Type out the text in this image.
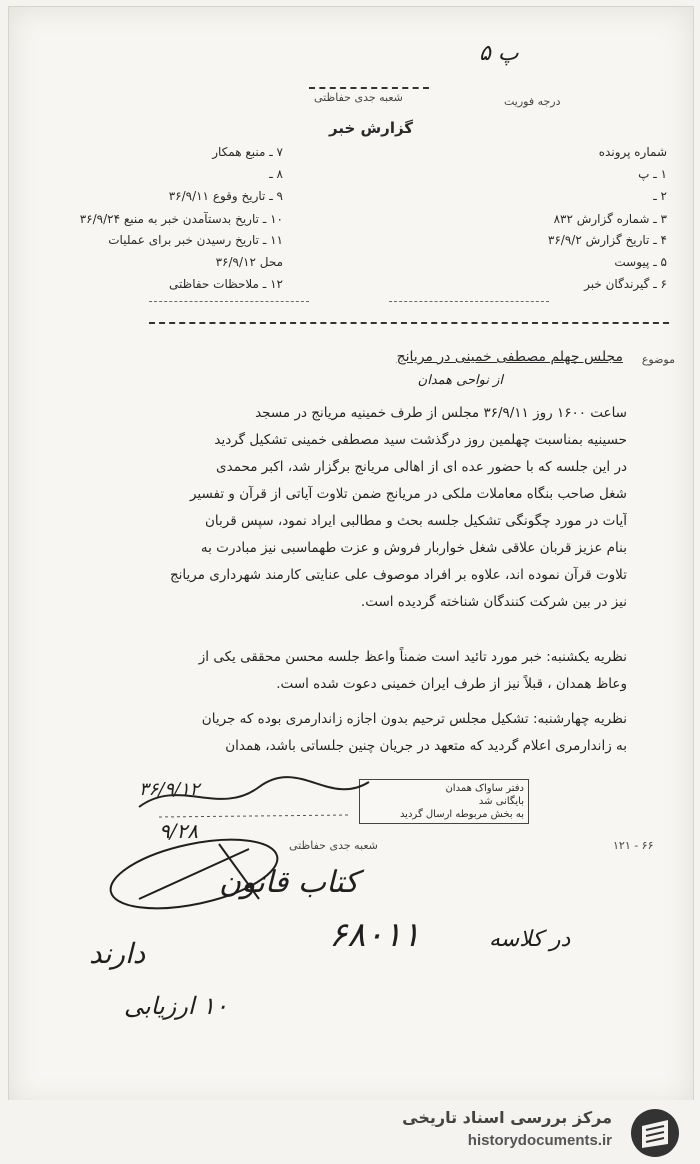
۵ پ
درجه فوریت
شعبه جدی حفاظتی
گزارش خبر
۷ ـ منبع همکار
۸ ـ
۹ ـ تاریخ وقوع ۳۶/۹/۱۱
۱۰ ـ تاریخ بدستآمدن خبر به منبع ۳۶/۹/۲۴
۱۱ ـ تاریخ رسیدن خبر برای عملیات
محل ۳۶/۹/۱۲
۱۲ ـ ملاحظات حفاظتی
شماره پرونده
۱ ـ پ
۲ ـ
۳ ـ شماره گزارش ۸۳۲
۴ ـ تاریخ گزارش ۳۶/۹/۲
۵ ـ پیوست
۶ ـ گیرندگان خبر
موضوع
مجلس چهلم مصطفی خمینی در مریانج
از نواحی همدان
ساعت ۱۶۰۰ روز ۳۶/۹/۱۱ مجلس از طرف خمینیه مریانج در مسجد
حسینیه بمناسبت چهلمین روز درگذشت سید مصطفی خمینی تشکیل گردید
در این جلسه که با حضور عده ای از اهالی مریانج برگزار شد، اکبر محمدی
شغل صاحب بنگاه معاملات ملکی در مریانج ضمن تلاوت آیاتی از قرآن و تفسیر
آیات در مورد چگونگی تشکیل جلسه بحث و مطالبی ایراد نمود، سپس قربان
بنام عزیز قربان علاقی شغل خواربار فروش و عزت طهماسبی نیز مبادرت به
تلاوت قرآن نموده اند، علاوه بر افراد موصوف علی عنایتی کارمند شهرداری مریانج
نیز در بین شرکت کنندگان شناخته گردیده است.
نظریه یکشنبه: خبر مورد تائید است ضمناً واعظ جلسه محسن محققی یکی از
وعاظ همدان ، قبلاً نیز از طرف ایران خمینی دعوت شده است.
نظریه چهارشنبه: تشکیل مجلس ترحیم بدون اجازه زاندارمری بوده که جریان
به زاندارمری اعلام گردید که متعهد در جریان چنین جلساتی باشد، همدان
دفتر ساواک همدان
بایگانی شد
به بخش مربوطه ارسال گردید
۳۶/۹/۱۲
شعبه جدی حفاظتی	۱۲۱ - ۶۶
۹/۲۸
کتاب قانون
۶۸۰۱۱	در کلاسه
دارند
۱۰ ارزیابی
مرکز بررسی اسناد تاریخی
historydocuments.ir
